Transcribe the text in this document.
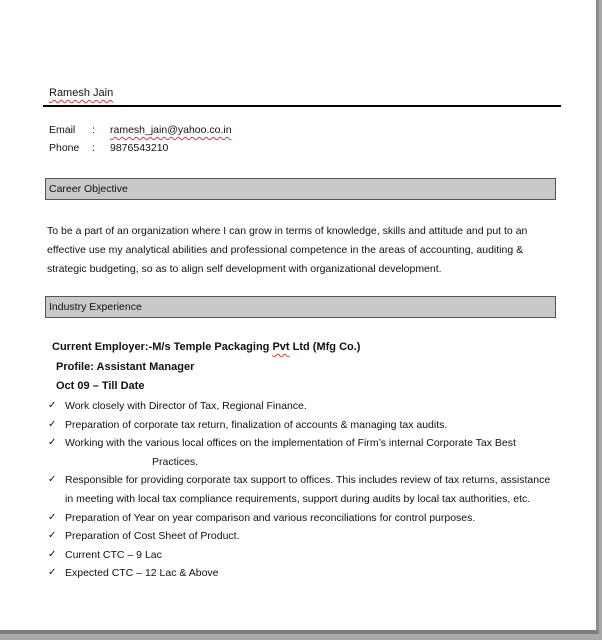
Ramesh Jain
Email : ramesh_jain@yahoo.co.in
Phone : 9876543210
Career Objective

To be a part of an organization where I can grow in terms of knowledge, skills and attitude and put to an effective use my analytical abilities and professional competence in the areas of accounting, auditing & strategic budgeting, so as to align self development with organizational development.

Industry Experience
Current Employer:-M/s Temple Packaging Pvt Ltd (Mfg Co.)
Profile: Assistant Manager
Oct 09 – Till Date
✓ Work closely with Director of Tax, Regional Finance.
✓ Preparation of corporate tax return, finalization of accounts & managing tax audits.
✓ Working with the various local offices on the implementation of Firm’s internal Corporate Tax Best
Practices.
✓ Responsible for providing corporate tax support to offices. This includes review of tax returns, assistance in meeting with local tax compliance requirements, support during audits by local tax authorities, etc.
✓ Preparation of Year on year comparison and various reconciliations for control purposes.
✓ Preparation of Cost Sheet of Product.
✓ Current CTC – 9 Lac
✓ Expected CTC – 12 Lac & Above
